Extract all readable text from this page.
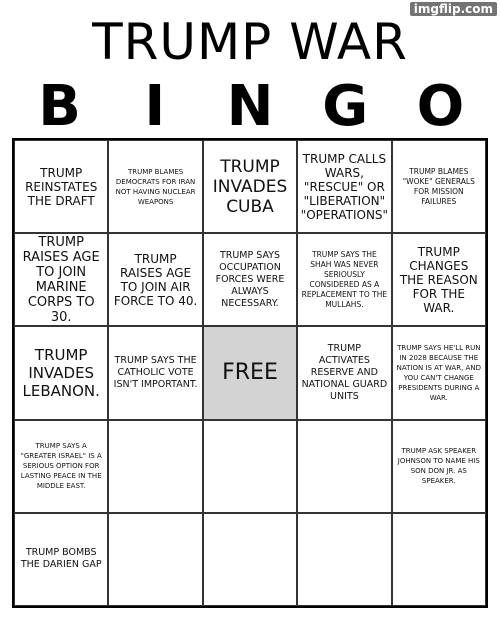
imgflip.com
TRUMP WAR
B	I	N G O
TRUMP REINSTATES THE DRAFT
TRUMP BLAMES DEMOCRATS FOR IRAN NOT HAVING NUCLEAR WEAPONS
TRUMP INVADES CUBA
TRUMP CALLS WARS, "RESCUE" OR "LIBERATION" "OPERATIONS"
TRUMP BLAMES "WOKE" GENERALS FOR MISSION FAILURES
TRUMP RAISES AGE TO JOIN MARINE CORPS TO 30.
TRUMP RAISES AGE TO JOIN AIR FORCE TO 40.
TRUMP SAYS OCCUPATION FORCES WERE ALWAYS NECESSARY.
TRUMP SAYS THE SHAH WAS NEVER SERIOUSLY CONSIDERED AS A REPLACEMENT TO THE MULLAHS.
TRUMP CHANGES THE REASON FOR THE WAR.
TRUMP INVADES LEBANON.
TRUMP SAYS THE CATHOLIC VOTE ISN'T IMPORTANT. FREE
TRUMP ACTIVATES RESERVE AND NATIONAL GUARD UNITS
TRUMP SAYS HE'LL RUN IN 2028 BECAUSE THE NATION IS AT WAR, AND YOU CAN'T CHANGE PRESIDENTS DURING A WAR.
TRUMP SAYS A "GREATER ISRAEL" IS A SERIOUS OPTION FOR LASTING PEACE IN THE MIDDLE EAST.
TRUMP ASK SPEAKER JOHNSON TO NAME HIS SON DON JR. AS SPEAKER.
TRUMP BOMBS THE DARIEN GAP
